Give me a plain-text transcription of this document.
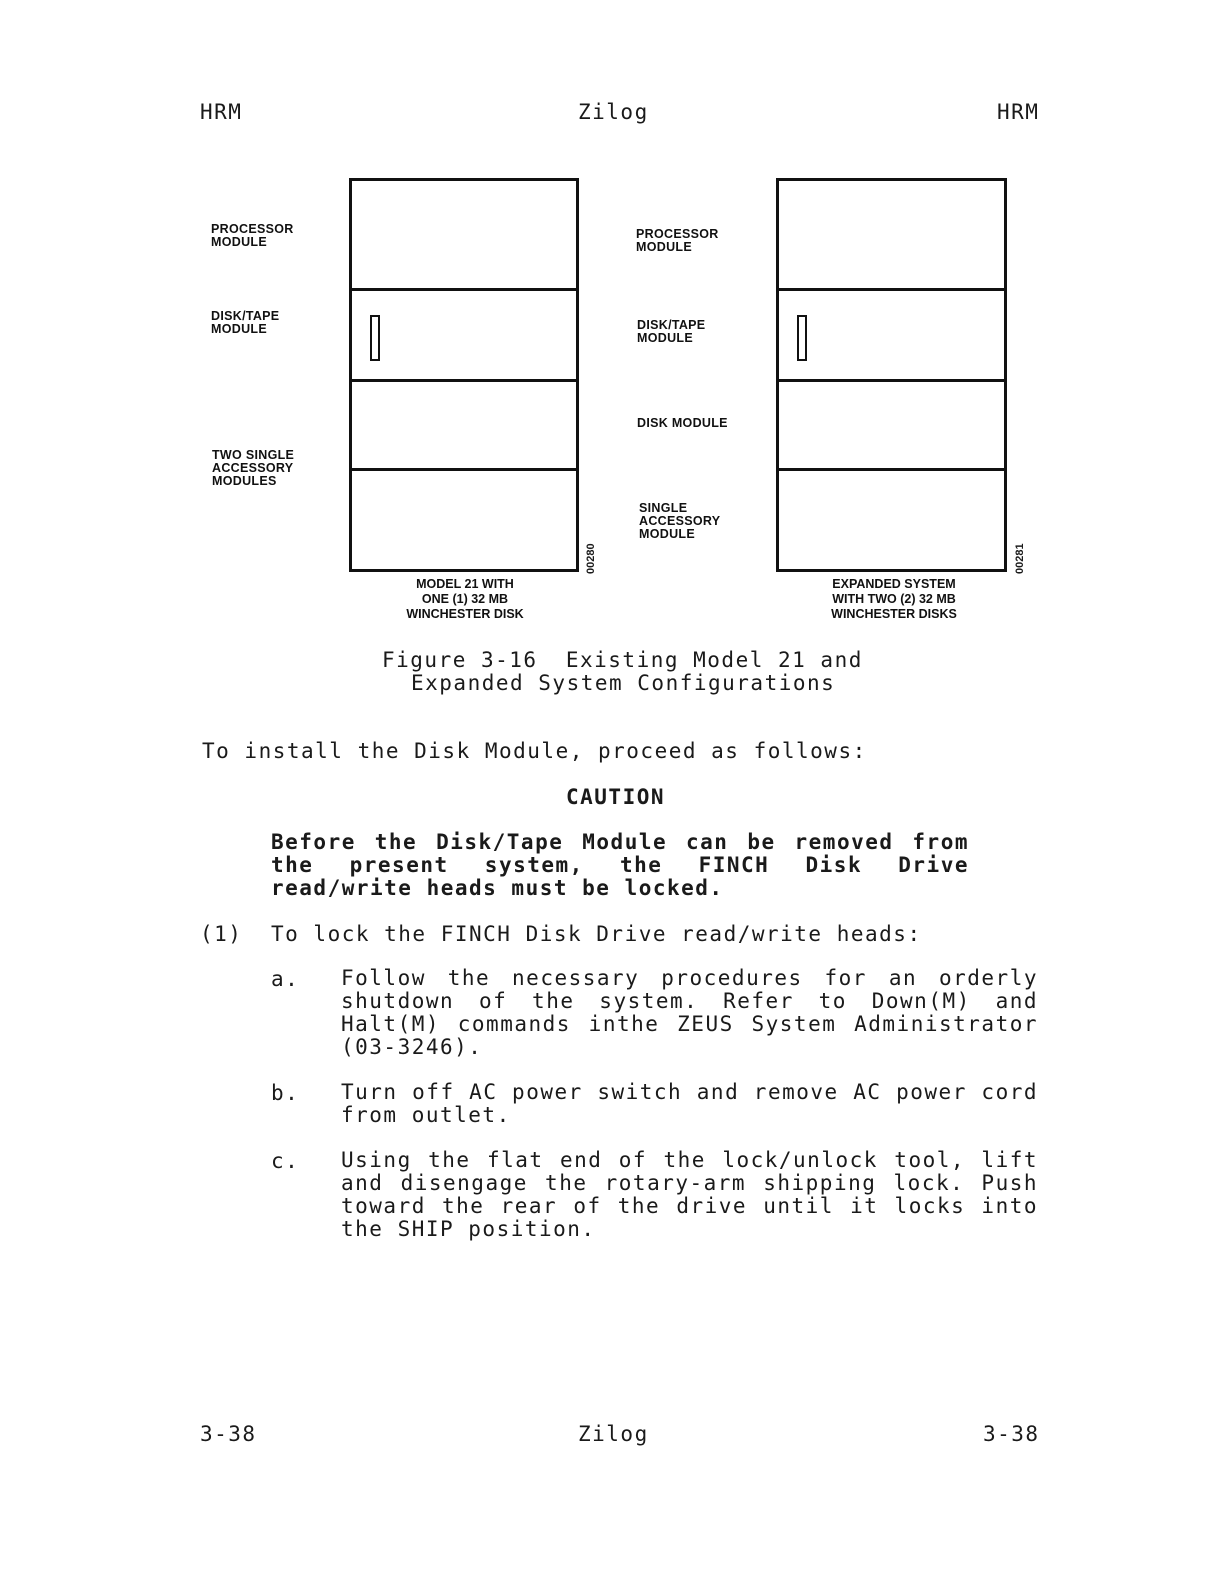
HRM	Zilog	HRM
PROCESSOR
MODULE
DISK/TAPE
MODULE
TWO SINGLE
ACCESSORY
MODULES
00280
MODEL 21 WITH
ONE (1) 32 MB
WINCHESTER DISK
PROCESSOR
MODULE
DISK/TAPE
MODULE
DISK MODULE
SINGLE
ACCESSORY
MODULE
00281
EXPANDED SYSTEM
WITH TWO (2) 32 MB
WINCHESTER DISKS
Figure 3-16  Existing Model 21 and
Expanded System Configurations
To install the Disk Module, proceed as follows:
CAUTION
Before the Disk/Tape Module can be removed from
the present system, the FINCH Disk Drive
read/write heads must be locked.
(1) To lock the FINCH Disk Drive read/write heads:
a. Follow the necessary procedures for an orderly
shutdown of the system. Refer to Down(M) and
Halt(M) commands inthe ZEUS System Administrator
(03-3246).
b. Turn off AC power switch and remove AC power cord
from outlet.
c. Using the flat end of the lock/unlock tool, lift
and disengage the rotary-arm shipping lock. Push
toward the rear of the drive until it locks into
the SHIP position.
3-38	Zilog	3-38
